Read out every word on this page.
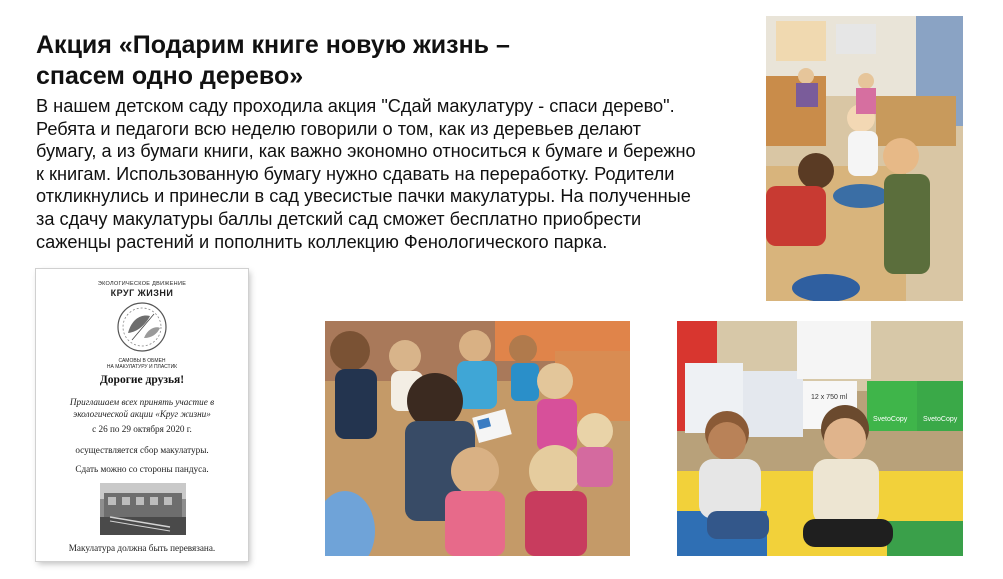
Акция «Подарим книге новую жизнь –
спасем одно дерево»

В нашем детском саду проходила акция "Сдай макулатуру - спаси дерево".
Ребята и педагоги всю неделю говорили о том, как из деревьев делают
бумагу, а из бумаги книги, как важно экономно относиться к бумаге и бережно
к книгам. Использованную бумагу нужно сдавать на переработку. Родители
откликнулись и принесли в сад увесистые пачки макулатуры. На полученные
за сдачу макулатуры баллы детский сад сможет бесплатно приобрести
саженцы растений и пополнить коллекцию Фенологического парка.

ЭКОЛОГИЧЕСКОЕ ДВИЖЕНИЕ
КРУГ ЖИЗНИ
САМОВЫ В ОБМЕН
НА МАКУЛАТУРУ И ПЛАСТИК
Дорогие друзья!
Приглашаем всех принять участие в
экологической акции «Круг жизни»
с 26 по 29 октября 2020 г.
осуществляется сбор макулатуры.
Сдать можно со стороны пандуса.
Макулатура должна быть перевязана.
12 x 750 ml
SvetoCopy SvetoCopy
